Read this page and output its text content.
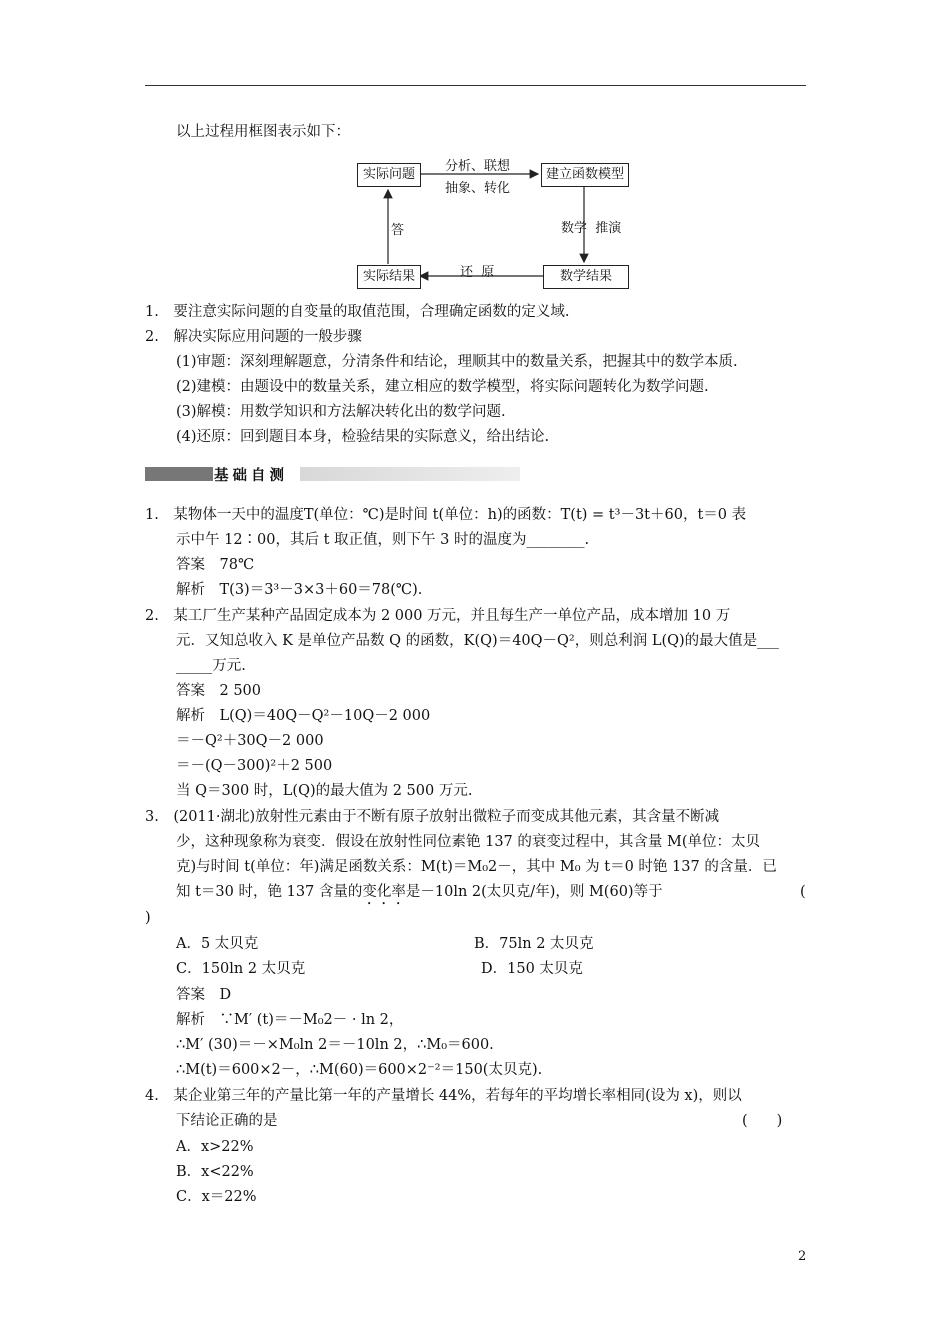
以上过程用框图表示如下：
实际问题	建立函数模型
实际结果	数学结果
分析、联想
抽象、转化
数学  推演
还  原
答
1.　要注意实际问题的自变量的取值范围，合理确定函数的定义域.
2.　解决实际应用问题的一般步骤
(1)审题：深刻理解题意，分清条件和结论，理顺其中的数量关系，把握其中的数学本质.
(2)建模：由题设中的数量关系，建立相应的数学模型，将实际问题转化为数学问题.
(3)解模：用数学知识和方法解决转化出的数学问题.
(4)还原：回到题目本身，检验结果的实际意义，给出结论.
基础自测
1.　某物体一天中的温度T(单位：℃)是时间 t(单位：h)的函数：T(t) = t³－3t＋60，t＝0 表
示中午 12∶00，其后 t 取正值，则下午 3 时的温度为________.
答案　78℃
解析　T(3)＝3³－3×3＋60＝78(℃).
2.　某工厂生产某种产品固定成本为 2 000 万元，并且每生产一单位产品，成本增加 10 万
元．又知总收入 K 是单位产品数 Q 的函数，K(Q)＝40Q－Q²，则总利润 L(Q)的最大值是___
_____万元.
答案　2 500
解析　L(Q)＝40Q－Q²－10Q－2 000
＝－Q²＋30Q－2 000
＝－(Q－300)²＋2 500
当 Q＝300 时，L(Q)的最大值为 2 500 万元.
3.　(2011·湖北)放射性元素由于不断有原子放射出微粒子而变成其他元素，其含量不断减
少，这种现象称为衰变．假设在放射性同位素铯 137 的衰变过程中，其含量 M(单位：太贝
克)与时间 t(单位：年)满足函数关系：M(t)＝M₀2－，其中 M₀ 为 t＝0 时铯 137 的含量．已
知 t＝30 时，铯 137 含量的变化率是－10ln 2(太贝克/年)，则 M(60)等于	(
)
A．5 太贝克	B．75ln 2 太贝克
C．150ln 2 太贝克	D．150 太贝克
答案　D
解析　∵M′ (t)＝－M₀2－ · ln 2，
∴M′ (30)＝－×M₀ln 2＝－10ln 2，∴M₀＝600.
∴M(t)＝600×2－，∴M(60)＝600×2⁻²＝150(太贝克).
4.　某企业第三年的产量比第一年的产量增长 44%，若每年的平均增长率相同(设为 x)，则以
下结论正确的是	(　　)
A．x>22%
B．x<22%
C．x＝22%
2
